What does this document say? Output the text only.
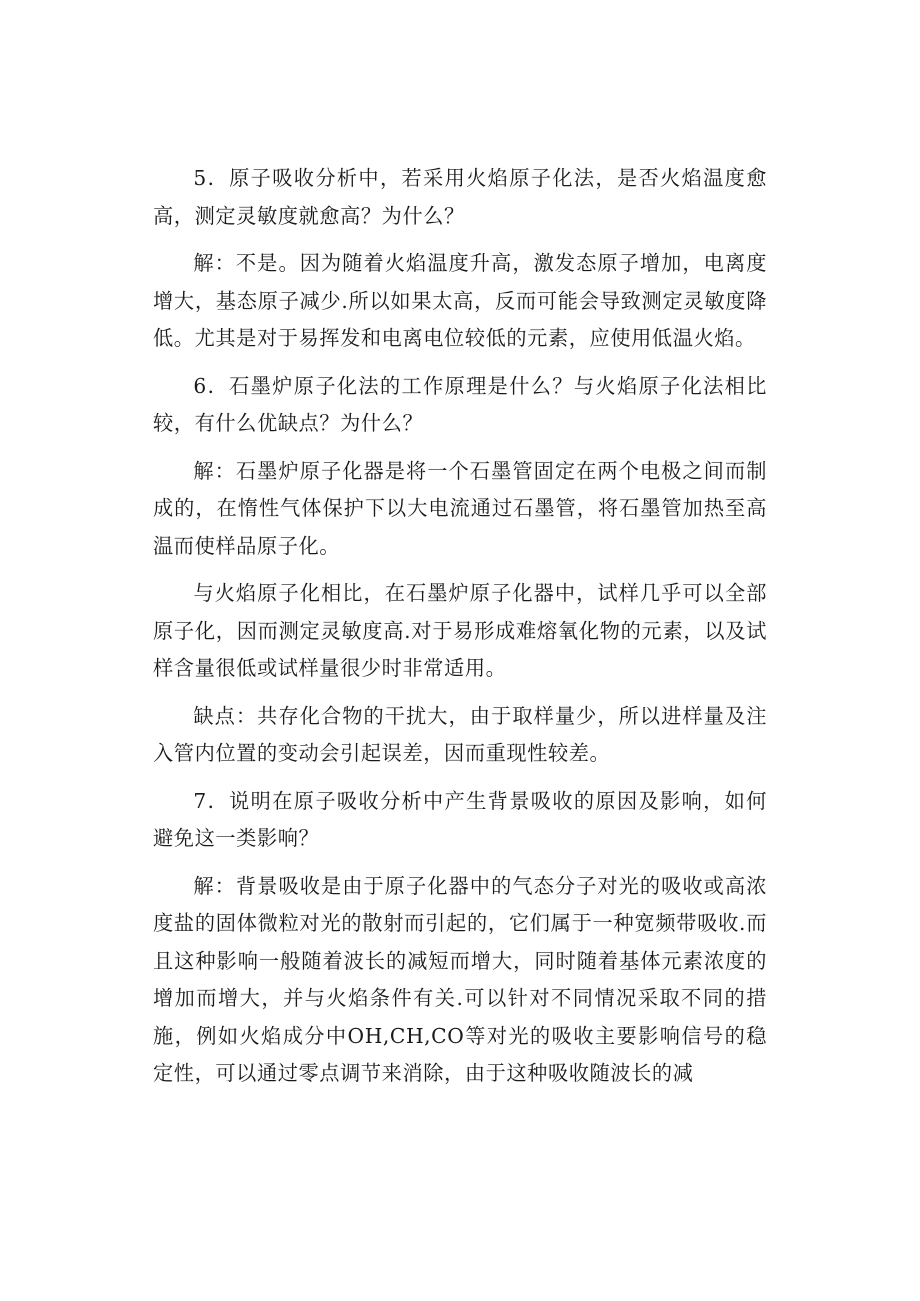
5．原子吸收分析中，若采用火焰原子化法，是否火焰温度愈高，测定灵敏度就愈高？为什么？

解：不是。因为随着火焰温度升高，激发态原子增加，电离度增大，基态原子减少.所以如果太高，反而可能会导致测定灵敏度降低。尤其是对于易挥发和电离电位较低的元素，应使用低温火焰。

6．石墨炉原子化法的工作原理是什么？与火焰原子化法相比较，有什么优缺点？为什么？

解：石墨炉原子化器是将一个石墨管固定在两个电极之间而制成的，在惰性气体保护下以大电流通过石墨管，将石墨管加热至高温而使样品原子化。

与火焰原子化相比，在石墨炉原子化器中，试样几乎可以全部原子化，因而测定灵敏度高.对于易形成难熔氧化物的元素，以及试样含量很低或试样量很少时非常适用。

缺点：共存化合物的干扰大，由于取样量少，所以进样量及注入管内位置的变动会引起误差，因而重现性较差。

7．说明在原子吸收分析中产生背景吸收的原因及影响，如何避免这一类影响？

解：背景吸收是由于原子化器中的气态分子对光的吸收或高浓度盐的固体微粒对光的散射而引起的，它们属于一种宽频带吸收.而且这种影响一般随着波长的减短而增大，同时随着基体元素浓度的增加而增大，并与火焰条件有关.可以针对不同情况采取不同的措施，例如火焰成分中OH,CH,CO等对光的吸收主要影响信号的稳定性，可以通过零点调节来消除，由于这种吸收随波长的减
